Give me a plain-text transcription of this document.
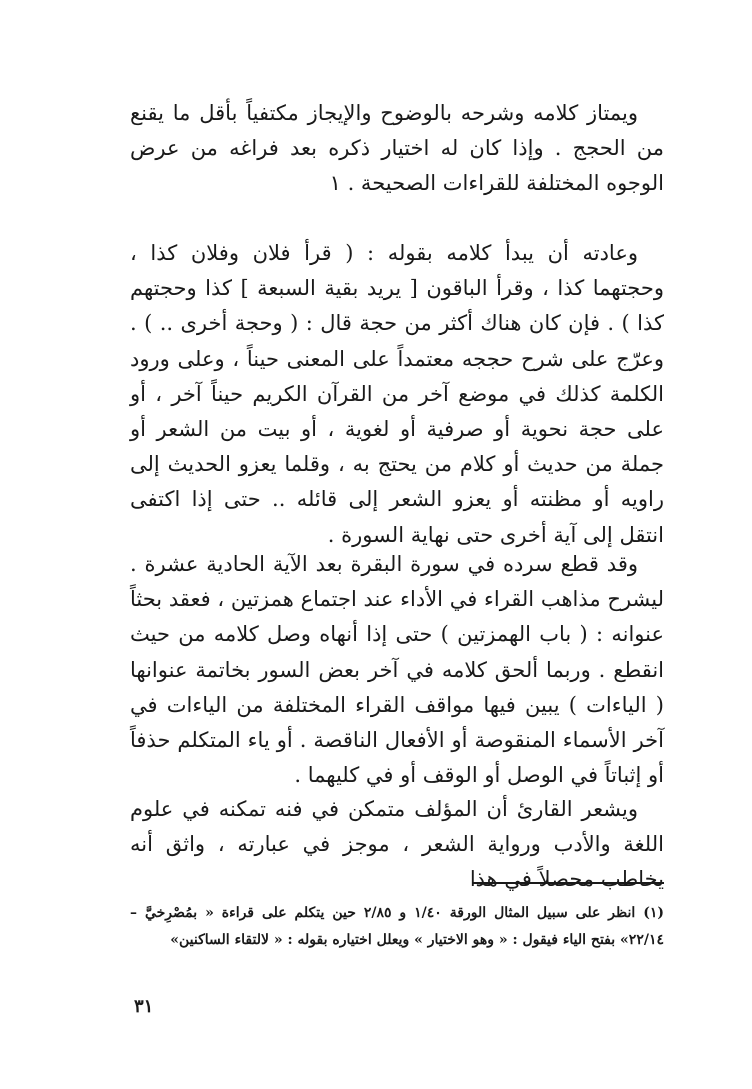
ويمتاز كلامه وشرحه بالوضوح والإيجاز مكتفياً بأقل ما يقنع من الحجج . وإذا كان له اختيار ذكره بعد فراغه من عرض الوجوه المختلفة للقراءات الصحيحة . ١

وعادته أن يبدأ كلامه بقوله : ( قرأ فلان وفلان كذا ، وحجتهما كذا ، وقرأ الباقون [ يريد بقية السبعة ] كذا وحجتهم كذا ) . فإن كان هناك أكثر من حجة قال : ( وحجة أخرى .. ) . وعرّج على شرح حججه معتمداً على المعنى حيناً ، وعلى ورود الكلمة كذلك في موضع آخر من القرآن الكريم حيناً آخر ، أو على حجة نحوية أو صرفية أو لغوية ، أو بيت من الشعر أو جملة من حديث أو كلام من يحتج به ، وقلما يعزو الحديث إلى راويه أو مظنته أو يعزو الشعر إلى قائله .. حتى إذا اكتفى انتقل إلى آية أخرى حتى نهاية السورة .

وقد قطع سرده في سورة البقرة بعد الآية الحادية عشرة . ليشرح مذاهب القراء في الأداء عند اجتماع همزتين ، فعقد بحثاً عنوانه : ( باب الهمزتين ) حتى إذا أنهاه وصل كلامه من حيث انقطع . وربما ألحق كلامه في آخر بعض السور بخاتمة عنوانها ( الياءات ) يبين فيها مواقف القراء المختلفة من الياءات في آخر الأسماء المنقوصة أو الأفعال الناقصة . أو ياء المتكلم حذفاً أو إثباتاً في الوصل أو الوقف أو في كليهما .

ويشعر القارئ أن المؤلف متمكن في فنه تمكنه في علوم اللغة والأدب ورواية الشعر ، موجز في عبارته ، واثق أنه يخاطب محصلاً في هذا

(١) انظر على سبيل المثال الورقة ١/٤٠ و ٢/٨٥ حين يتكلم على قراءة « بمُصْرِخيَّ – ٢٢/١٤» بفتح الياء فيقول : « وهو الاختيار » ويعلل اختياره بقوله : « لالتقاء الساكنين»

٣١
